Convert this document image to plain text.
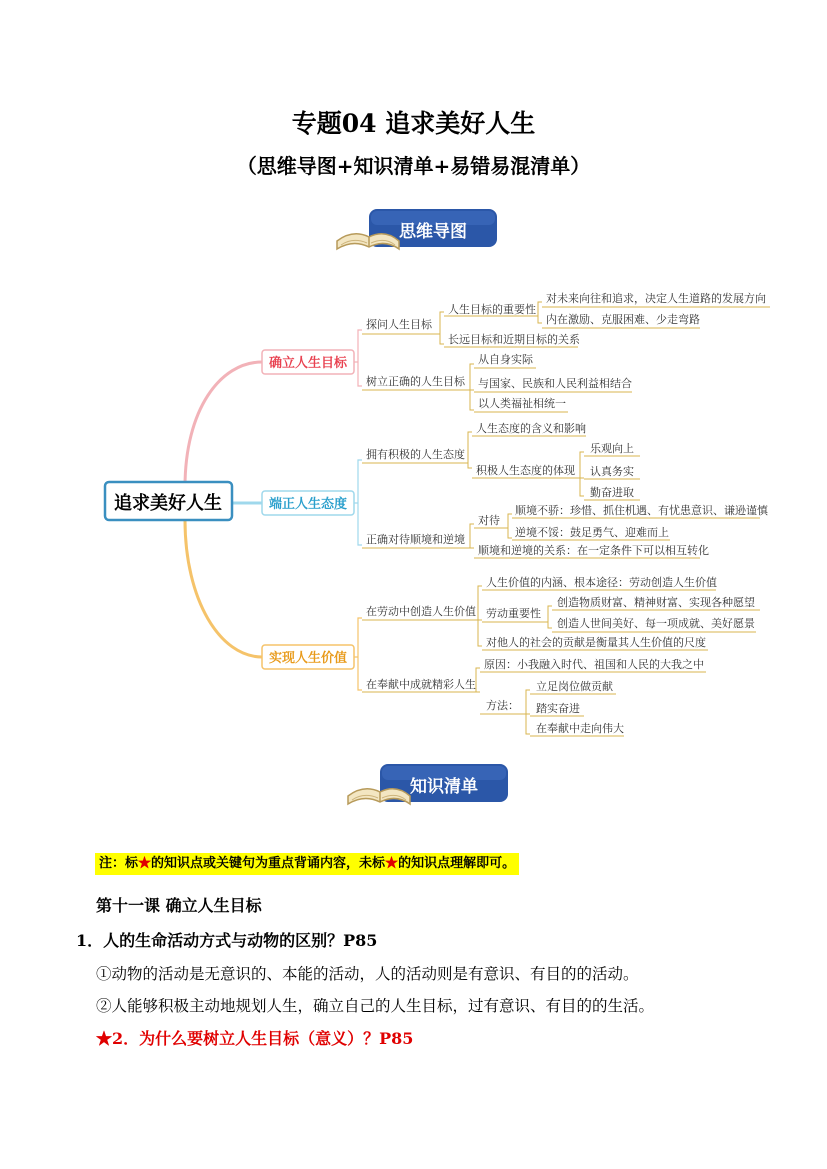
专题04 追求美好人生
（思维导图+知识清单+易错易混清单）
思维导图
追求美好人生
确立人生目标
端正人生态度
实现人生价值
探问人生目标
人生目标的重要性
对未来向往和追求，决定人生道路的发展方向
内在激励、克服困难、少走弯路
长远目标和近期目标的关系
树立正确的人生目标
从自身实际
与国家、民族和人民利益相结合
以人类福祉相统一
拥有积极的人生态度
人生态度的含义和影响
积极人生态度的体现
乐观向上
认真务实
勤奋进取
正确对待顺境和逆境
对待
顺境不骄：珍惜、抓住机遇、有忧患意识、谦逊谨慎
逆境不馁：鼓足勇气、迎难而上
顺境和逆境的关系：在一定条件下可以相互转化
在劳动中创造人生价值
人生价值的内涵、根本途径：劳动创造人生价值
劳动重要性
创造物质财富、精神财富、实现各种愿望
创造人世间美好、每一项成就、美好愿景
对他人的社会的贡献是衡量其人生价值的尺度
在奉献中成就精彩人生
原因：小我融入时代、祖国和人民的大我之中
方法：
立足岗位做贡献
踏实奋进
在奉献中走向伟大
知识清单
注：标★的知识点或关键句为重点背诵内容，未标★的知识点理解即可。
第十一课 确立人生目标
1．人的生命活动方式与动物的区别？P85
①动物的活动是无意识的、本能的活动，人的活动则是有意识、有目的的活动。
②人能够积极主动地规划人生，确立自己的人生目标，过有意识、有目的的生活。
★2．为什么要树立人生目标（意义）？P85
